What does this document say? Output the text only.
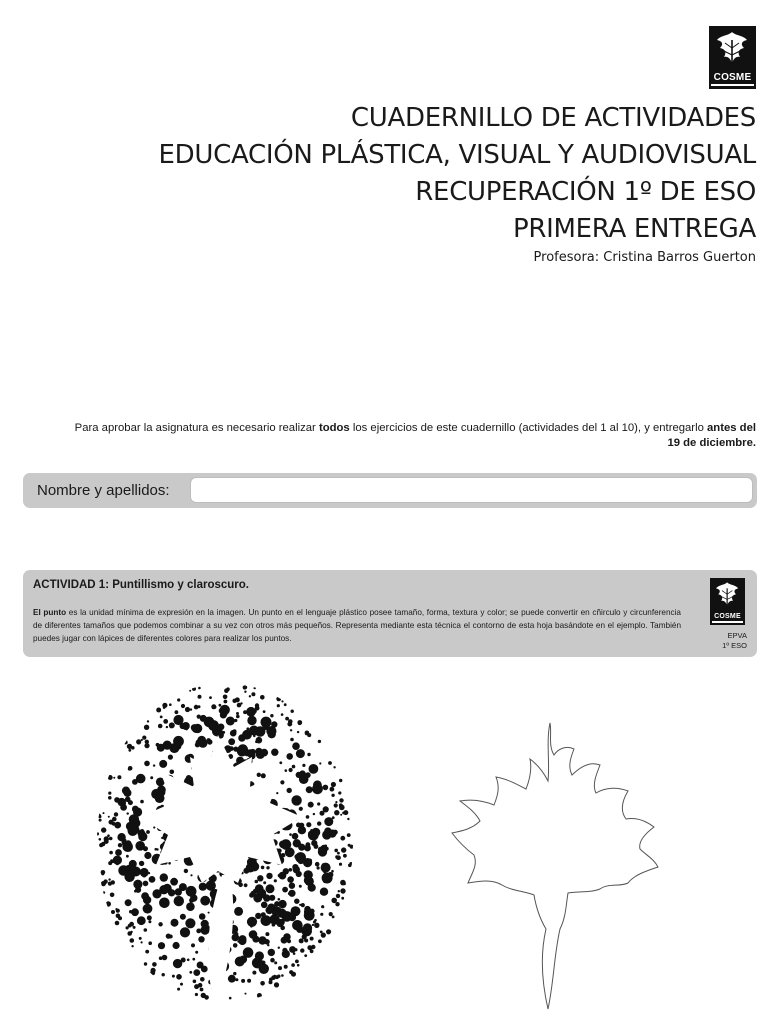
COSME
CUADERNILLO DE ACTIVIDADES
EDUCACIÓN PLÁSTICA, VISUAL Y AUDIOVISUAL
RECUPERACIÓN 1º DE ESO
PRIMERA ENTREGA
Profesora: Cristina Barros Guerton
Para aprobar la asignatura es necesario realizar todos los ejercicios de este cuadernillo (actividades del 1 al 10), y entregarlo antes del 19 de diciembre.
Nombre y apellidos:
ACTIVIDAD 1: Puntillismo y claroscuro.
El punto es la unidad mínima de expresión en la imagen. Un punto en el lenguaje plástico posee tamaño, forma, textura y color; se puede convertir en cñirculo y circunferencia de diferentes tamaños que podemos combinar a su vez con otros más pequeños. Representa mediante esta técnica el contorno de esta hoja basándote en el ejemplo. También puedes jugar con lápices de diferentes colores para realizar los puntos.	EPVA
1º ESO
COSME
